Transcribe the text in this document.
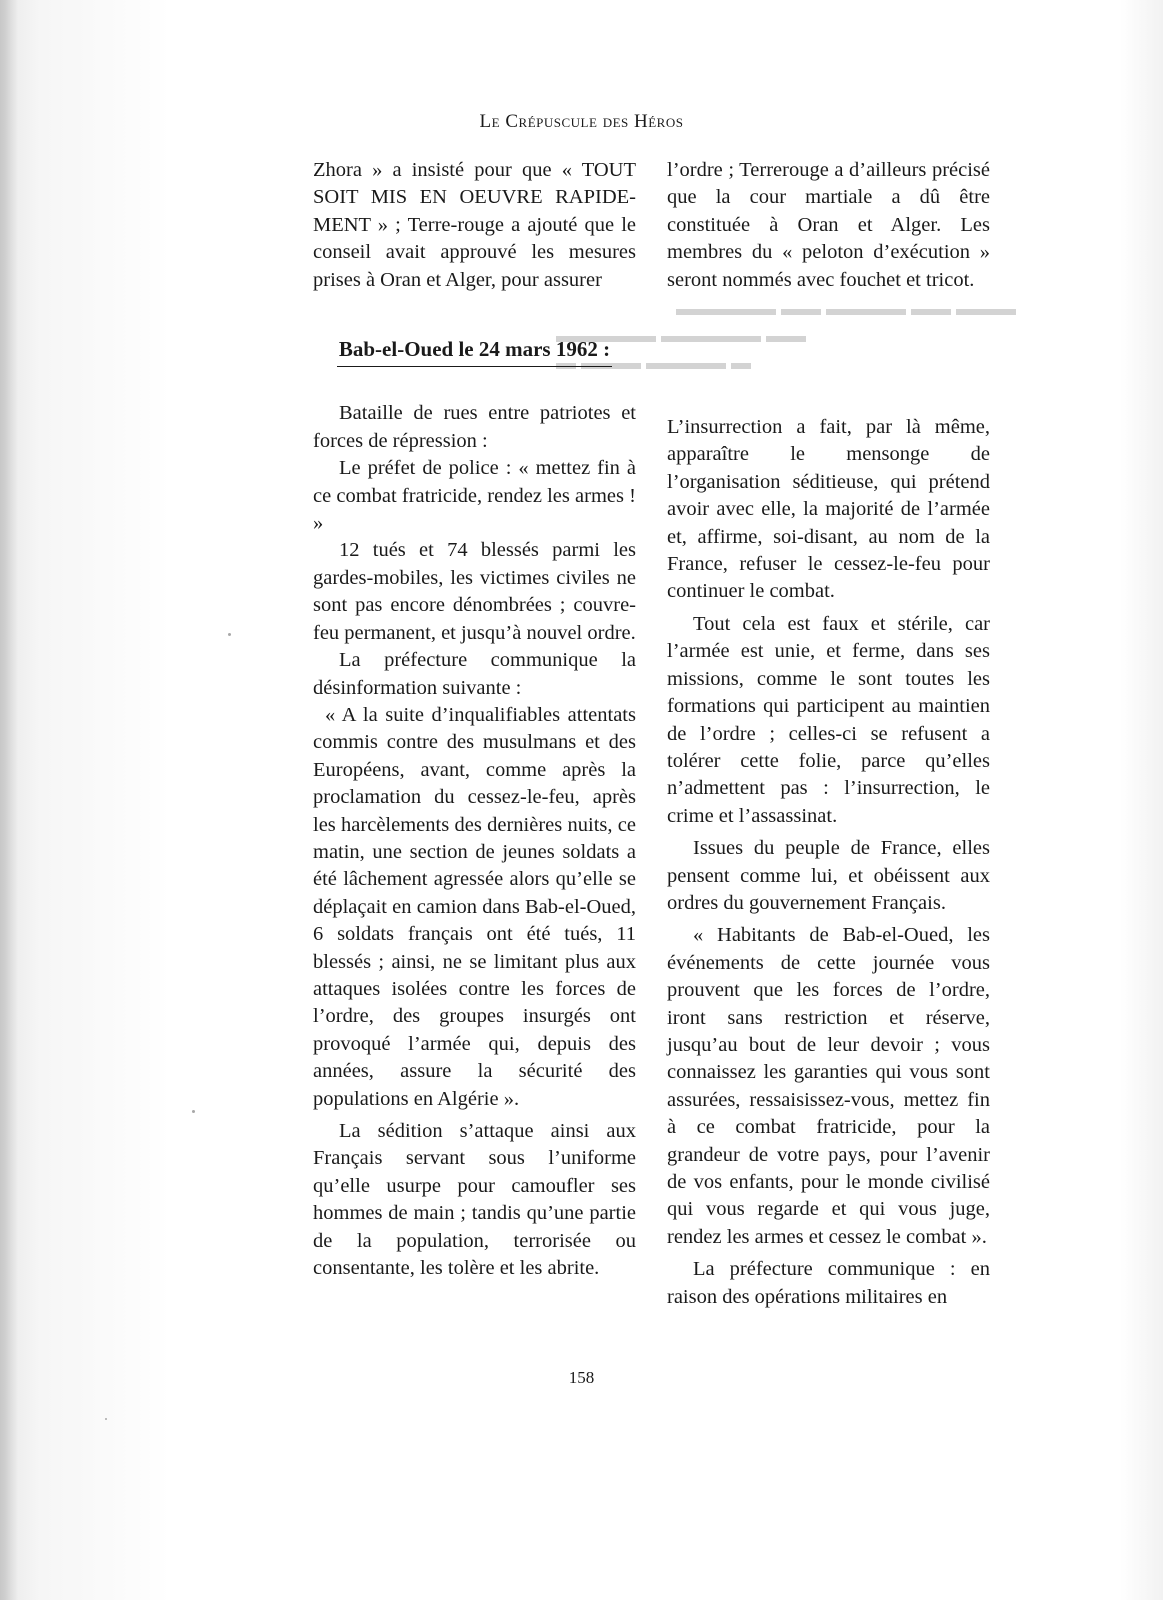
▬▬▬ ▬▬ ▬▬▬▬ ▬▬ ▬▬▬▬▬
▬▬ ▬▬▬▬▬ ▬▬▬▬▬
▬ ▬▬▬▬ ▬▬▬ ▬
Le Crépuscule des Héros

Zhora » a insisté pour que « TOUT SOIT MIS EN OEUVRE RAPIDE-MENT » ; Terre-rouge a ajouté que le conseil avait approuvé les mesures prises à Oran et Alger, pour assurer

Bab-el-Oued le 24 mars 1962 :

Bataille de rues entre patriotes et forces de répression :

Le préfet de police : « mettez fin à ce combat fratricide, rendez les armes ! »

12 tués et 74 blessés parmi les gardes-mobiles, les victimes civiles ne sont pas encore dénombrées ; couvre-feu permanent, et jusqu’à nouvel ordre.

La préfecture communique la désinformation suivante :

« A la suite d’inqualifiables attentats commis contre des musulmans et des Européens, avant, comme après la proclamation du cessez-le-feu, après les harcèlements des dernières nuits, ce matin, une section de jeunes soldats a été lâchement agressée alors qu’elle se déplaçait en camion dans Bab-el-Oued, 6 soldats français ont été tués, 11 blessés ; ainsi, ne se limitant plus aux attaques isolées contre les forces de l’ordre, des groupes insurgés ont provoqué l’armée qui, depuis des années, assure la sécurité des populations en Algérie ».

La sédition s’attaque ainsi aux Français servant sous l’uniforme qu’elle usurpe pour camoufler ses hommes de main ; tandis qu’une partie de la population, terrorisée ou consentante, les tolère et les abrite.

l’ordre ; Terrerouge a d’ailleurs précisé que la cour martiale a dû être constituée à Oran et Alger. Les membres du « peloton d’exécution » seront nommés avec fouchet et tricot.

L’insurrection a fait, par là même, apparaître le mensonge de l’organisation séditieuse, qui prétend avoir avec elle, la majorité de l’armée et, affirme, soi-disant, au nom de la France, refuser le cessez-le-feu pour continuer le combat.

Tout cela est faux et stérile, car l’armée est unie, et ferme, dans ses missions, comme le sont toutes les formations qui participent au maintien de l’ordre ; celles-ci se refusent a tolérer cette folie, parce qu’elles n’admettent pas : l’insurrection, le crime et l’assassinat.

Issues du peuple de France, elles pensent comme lui, et obéissent aux ordres du gouvernement Français.

« Habitants de Bab-el-Oued, les événements de cette journée vous prouvent que les forces de l’ordre, iront sans restriction et réserve, jusqu’au bout de leur devoir ; vous connaissez les garanties qui vous sont assurées, ressaisissez-vous, mettez fin à ce combat fratricide, pour la grandeur de votre pays, pour l’avenir de vos enfants, pour le monde civilisé qui vous regarde et qui vous juge, rendez les armes et cessez le combat ».

La préfecture communique : en raison des opérations militaires en

158
